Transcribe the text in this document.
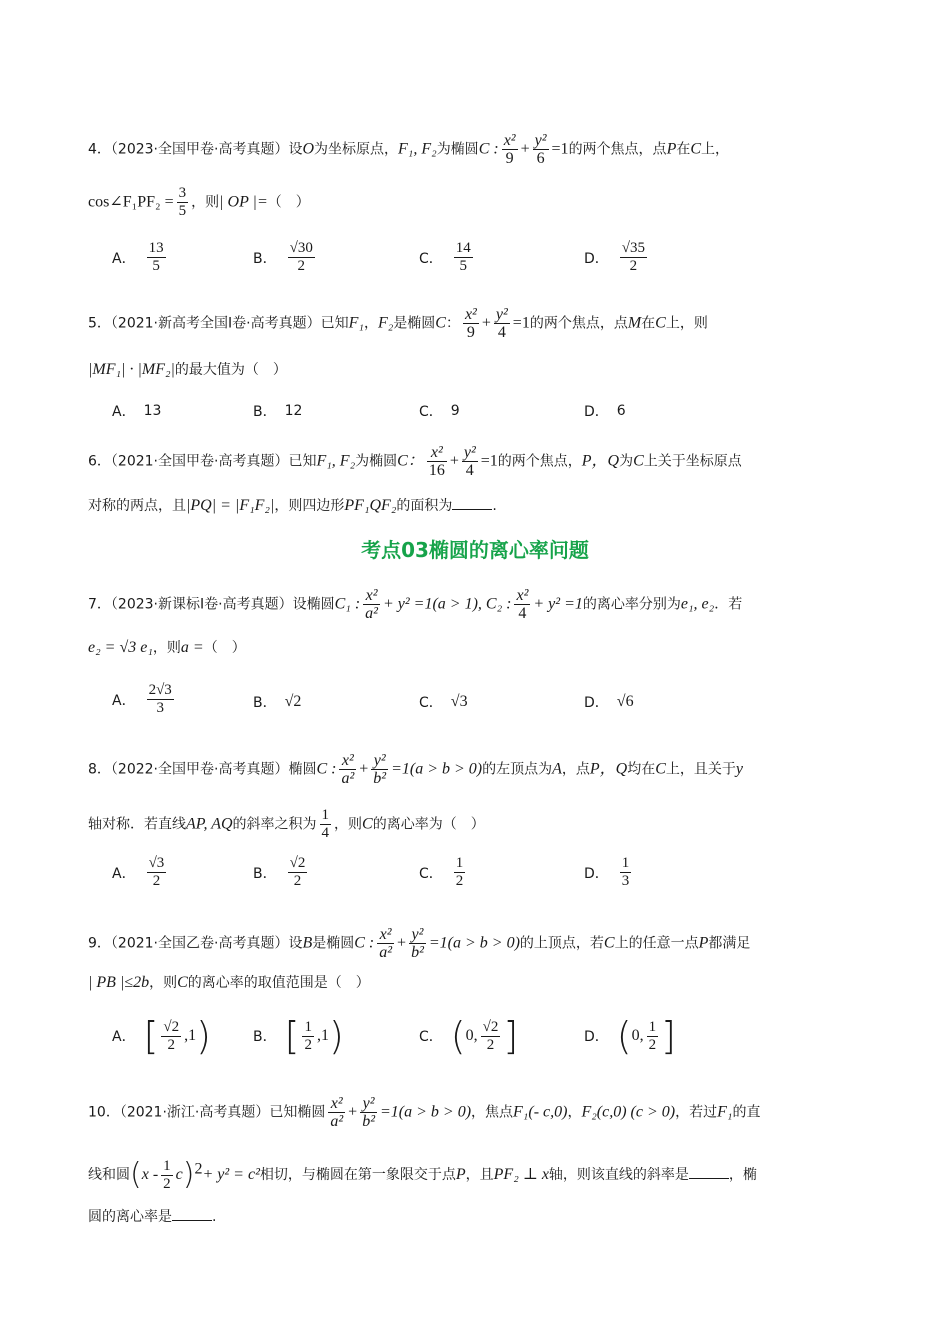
4．（2023·全国甲卷·高考真题）设O为坐标原点，F₁, F₂为椭圆C : $\frac{\text{x²}}{9} + \frac{\text{y²}}{6} =1$的两个焦点，点P在C上，
cos∠F₁PF₂ = $\frac{3}{5}$ ，则| OP |=（　）
A． $\frac{13}{5}$	B． $\frac{√30}{2}$	C． $\frac{14}{5}$	D． $\frac{√35}{2}$
5．（2021·新高考全国Ⅰ卷·高考真题）已知F₁，F₂是椭圆C： $\frac{\text{x²}}{9} + \frac{\text{y²}}{4} =1$的两个焦点，点M在C上，则
|MF₁| · |MF₂|的最大值为（　）
A． 13	B． 12	C． 9	D． 6
6．（2021·全国甲卷·高考真题）已知F₁, F₂为椭圆C： $\frac{\text{x²}}{16} + \frac{\text{y²}}{4} =1$的两个焦点，P，Q为C上关于坐标原点
对称的两点，且|PQ| = |F₁F₂|，则四边形PF₁QF₂的面积为	.
考点03椭圆的离心率问题
7．（2023·新课标Ⅰ卷·高考真题）设椭圆C₁ : $\frac{\text{x²}}{\text{a²}} + y^2 =1(a > 1)$, C₂ : $\frac{\text{x²}}{4} + y^2 =1$的离心率分别为e₁, e₂．若
e₂ = √3 e₁，则a =（　）
A． $\frac{2√3}{3}$	B． √2	C． √3	D． √6
8．（2022·全国甲卷·高考真题）椭圆C : $\frac{\text{x²}}{\text{a²}} + \frac{\text{y²}}{\text{b²}} =1(a > b > 0)$的左顶点为A，点P，Q均在C上，且关于y
轴对称．若直线AP, AQ的斜率之积为 $\frac{1}{4}$ ，则C的离心率为（　）
A． $\frac{√3}{2}$	B． $\frac{√2}{2}$	C． $\frac{1}{2}$	D． $\frac{1}{3}$
9．（2021·全国乙卷·高考真题）设B是椭圆C : $\frac{\text{x²}}{\text{a²}} + \frac{\text{y²}}{\text{b²}} =1(a > b > 0)$的上顶点，若C上的任意一点P都满足
| PB |≤2b，则C的离心率的取值范围是（　）
A． [ $\frac{√2}{2} ,1$)	B． [ $\frac{1}{2} ,1$)	C． (0, $\frac{√2}{2}$ ]	D． (0, $\frac{1}{2}$ ]
10．（2021·浙江·高考真题）已知椭圆 $\frac{\text{x²}}{\text{a²}} + \frac{\text{y²}}{\text{b²}} =1(a > b > 0)$，焦点F₁(- c,0)，F₂(c,0) (c > 0)，若过F₁的直
线和圆$(x - \frac{1}{2} c)^2+ y^2 = c^2$相切，与椭圆在第一象限交于点P，且PF₂ ⊥ x轴，则该直线的斜率是	，椭
圆的离心率是	.
